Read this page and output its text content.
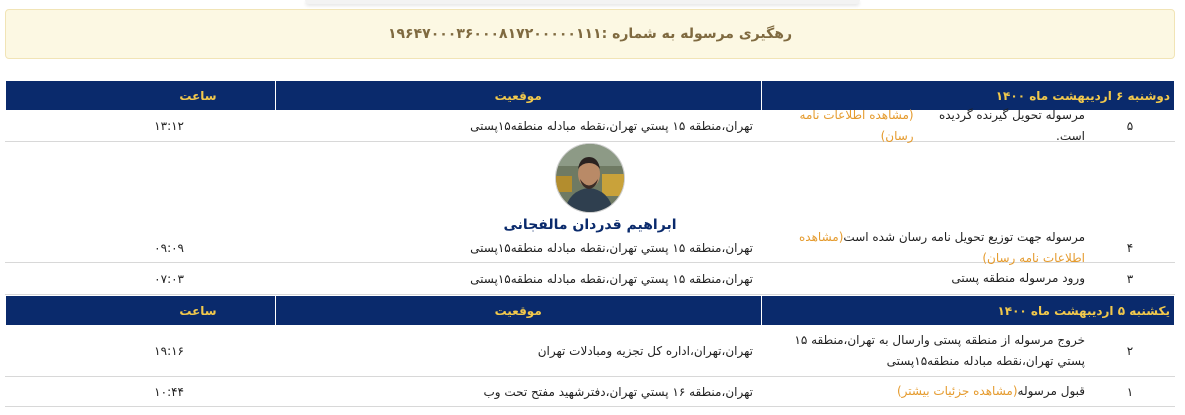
رهگیری مرسوله به شماره :۱۹۶۴۷۰۰۰۳۶۰۰۰۸۱۷۲۰۰۰۰۰۱۱۱
دوشنبه ۶ اردیبهشت ماه ۱۴۰۰
موقعیت
ساعت
۵
مرسوله تحویل گیرنده گردیده است.
(مشاهده اطلاعات نامه رسان)
تهران،منطقه ۱۵ پستي تهران،نقطه مبادله منطقه۱۵پستی
۱۳:۱۲
ابراهیم قدردان مالفجانی
۴
مرسوله جهت توزیع تحویل نامه رسان شده است(مشاهده اطلاعات نامه رسان)
تهران،منطقه ۱۵ پستي تهران،نقطه مبادله منطقه۱۵پستی
۰۹:۰۹
۳
ورود مرسوله منطقه پستی
تهران،منطقه ۱۵ پستي تهران،نقطه مبادله منطقه۱۵پستی
۰۷:۰۳
یکشنبه ۵ اردیبهشت ماه ۱۴۰۰
موقعیت
ساعت
۲
خروج مرسوله از منطقه پستی وارسال به تهران،منطقه ۱۵ پستي تهران،نقطه مبادله منطقه۱۵پستی
تهران،تهران،اداره کل تجزیه ومبادلات تهران
۱۹:۱۶
۱
قبول مرسوله
(مشاهده جزئیات بیشتر)
تهران،منطقه ۱۶ پستي تهران،دفترشهید مفتح تحت وب
۱۰:۴۴
